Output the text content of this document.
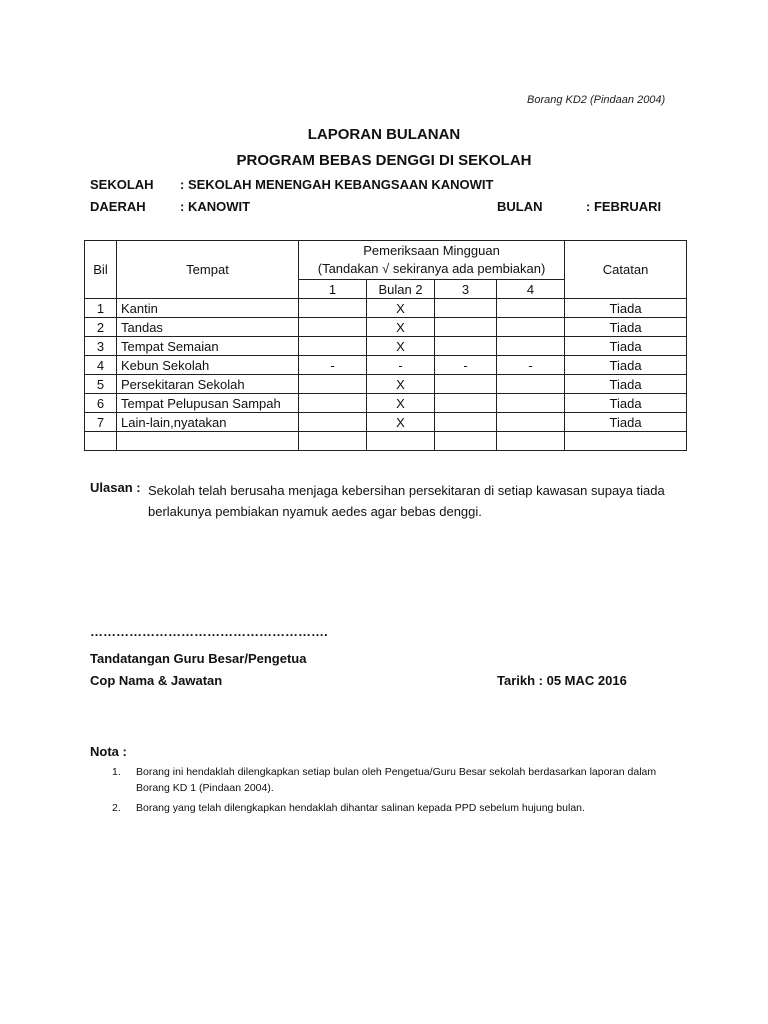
Borang KD2 (Pindaan 2004)
LAPORAN BULANAN
PROGRAM BEBAS DENGGI DI SEKOLAH
SEKOLAH : SEKOLAH MENENGAH KEBANGSAAN KANOWIT
DAERAH	: KANOWIT	BULAN	: FEBRUARI
Bil	Tempat	Pemeriksaan Mingguan
(Tandakan √ sekiranya ada pembiakan)				Catatan
		1	Bulan 2	3	4	
1	Kantin		X			Tiada
2	Tandas		X			Tiada
3	Tempat Semaian		X			Tiada
4	Kebun Sekolah	-	-	-	-	Tiada
5	Persekitaran Sekolah		X			Tiada
6	Tempat Pelupusan Sampah		X			Tiada
7	Lain-lain,nyatakan		X			Tiada

Ulasan : Sekolah telah berusaha menjaga kebersihan persekitaran di setiap kawasan supaya tiada berlakunya pembiakan nyamuk aedes agar bebas denggi.
……………………………………………….
Tandatangan Guru Besar/Pengetua
Cop Nama & Jawatan	Tarikh : 05 MAC 2016
Nota :
1. Borang ini hendaklah dilengkapkan setiap bulan oleh Pengetua/Guru Besar sekolah berdasarkan laporan dalam Borang KD 1 (Pindaan 2004).
2. Borang yang telah dilengkapkan hendaklah dihantar salinan kepada PPD sebelum hujung bulan.
